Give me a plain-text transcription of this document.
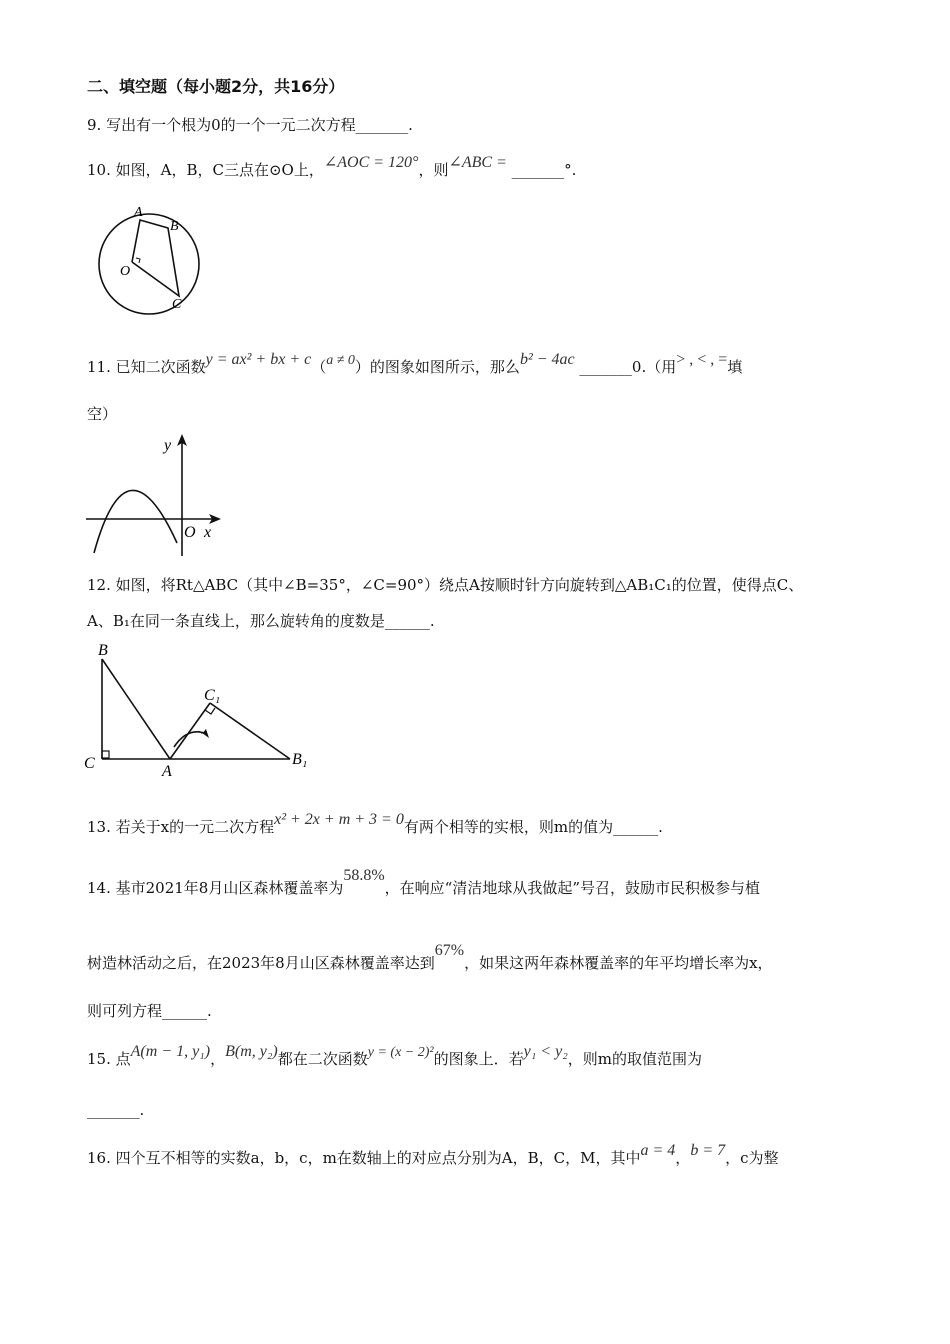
二、填空题（每小题2分，共16分）
9. 写出有一个根为0的一个一元二次方程_______.
10. 如图，A，B，C三点在⊙O上，∠AOC = 120°，则∠ABC = _______°.
A
B
O
C
11. 已知二次函数y = ax² + bx + c（a ≠ 0）的图象如图所示，那么b² − 4ac _______0.（用> , < , =填
空）
y
O x
12. 如图，将Rt△ABC（其中∠B=35°，∠C=90°）绕点A按顺时针方向旋转到△AB₁C₁的位置，使得点C、
A、B₁在同一条直线上，那么旋转角的度数是______.
B
C₁
C	A
B₁
13. 若关于x的一元二次方程x² + 2x + m + 3 = 0有两个相等的实根，则m的值为______.
14. 基市2021年8月山区森林覆盖率为58.8%，在响应“清洁地球从我做起”号召，鼓励市民积极参与植
树造林活动之后，在2023年8月山区森林覆盖率达到67%，如果这两年森林覆盖率的年平均增长率为x，
则可列方程______.
15. 点A(m − 1, y₁)，B(m, y₂)都在二次函数y = (x − 2)²的图象上．若y₁ < y₂，则m的取值范围为
_______.
16. 四个互不相等的实数a，b，c，m在数轴上的对应点分别为A，B，C，M，其中a = 4，b = 7，c为整
